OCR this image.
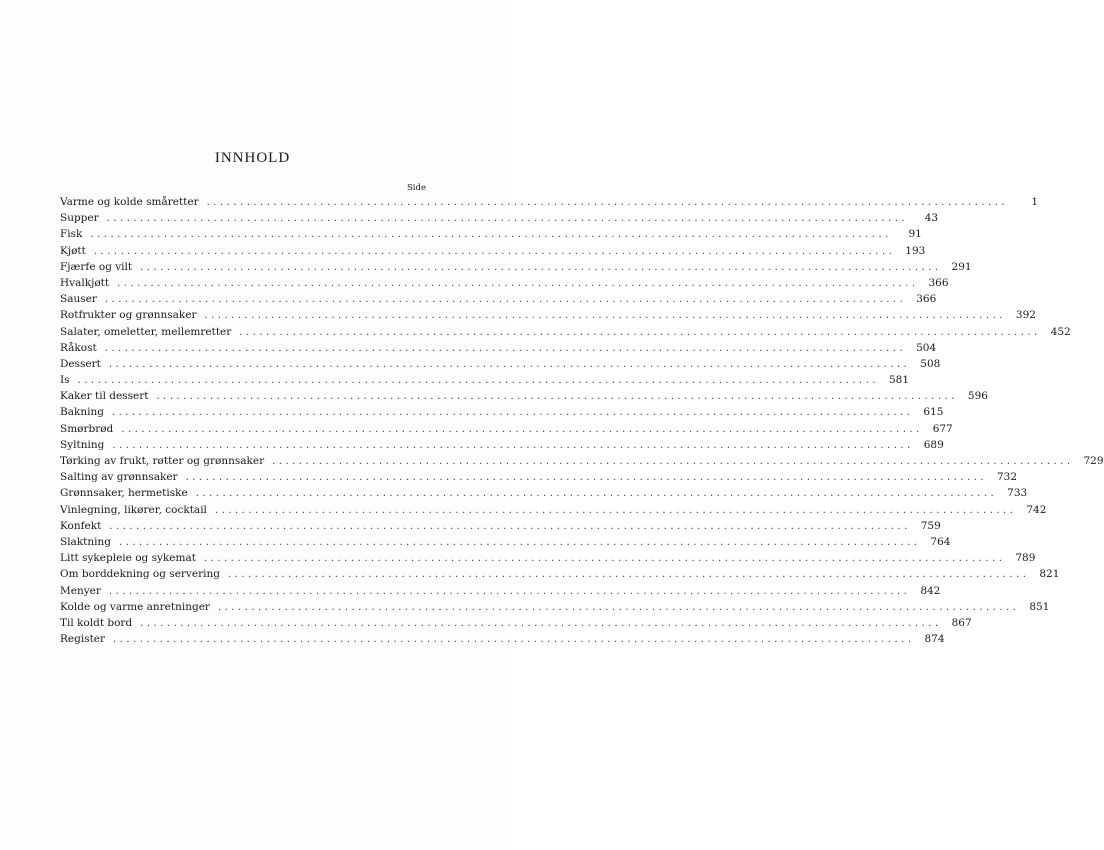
INNHOLD
Side
Varme og kolde småretter ........................................................................................................................	1
Supper ........................................................................................................................	43
Fisk ........................................................................................................................	91
Kjøtt ........................................................................................................................ 193
Fjærfe og vilt ........................................................................................................................ 291
Hvalkjøtt ........................................................................................................................ 366
Sauser ........................................................................................................................ 366
Rotfrukter og grønnsaker ........................................................................................................................ 392
Salater, omeletter, mellemretter ........................................................................................................................ 452
Råkost ........................................................................................................................ 504
Dessert ........................................................................................................................ 508
Is ........................................................................................................................ 581
Kaker til dessert ........................................................................................................................ 596
Bakning ........................................................................................................................ 615
Smørbrød ........................................................................................................................ 677
Syltning ........................................................................................................................ 689
Tørking av frukt, røtter og grønnsaker ........................................................................................................................ 729
Salting av grønnsaker ........................................................................................................................ 732
Grønnsaker, hermetiske ........................................................................................................................ 733
Vinlegning, likører, cocktail ........................................................................................................................ 742
Konfekt ........................................................................................................................ 759
Slaktning ........................................................................................................................ 764
Litt sykepleie og sykemat ........................................................................................................................ 789
Om borddekning og servering ........................................................................................................................ 821
Menyer ........................................................................................................................ 842
Kolde og varme anretninger ........................................................................................................................ 851
Til koldt bord ........................................................................................................................ 867
Register ........................................................................................................................ 874
